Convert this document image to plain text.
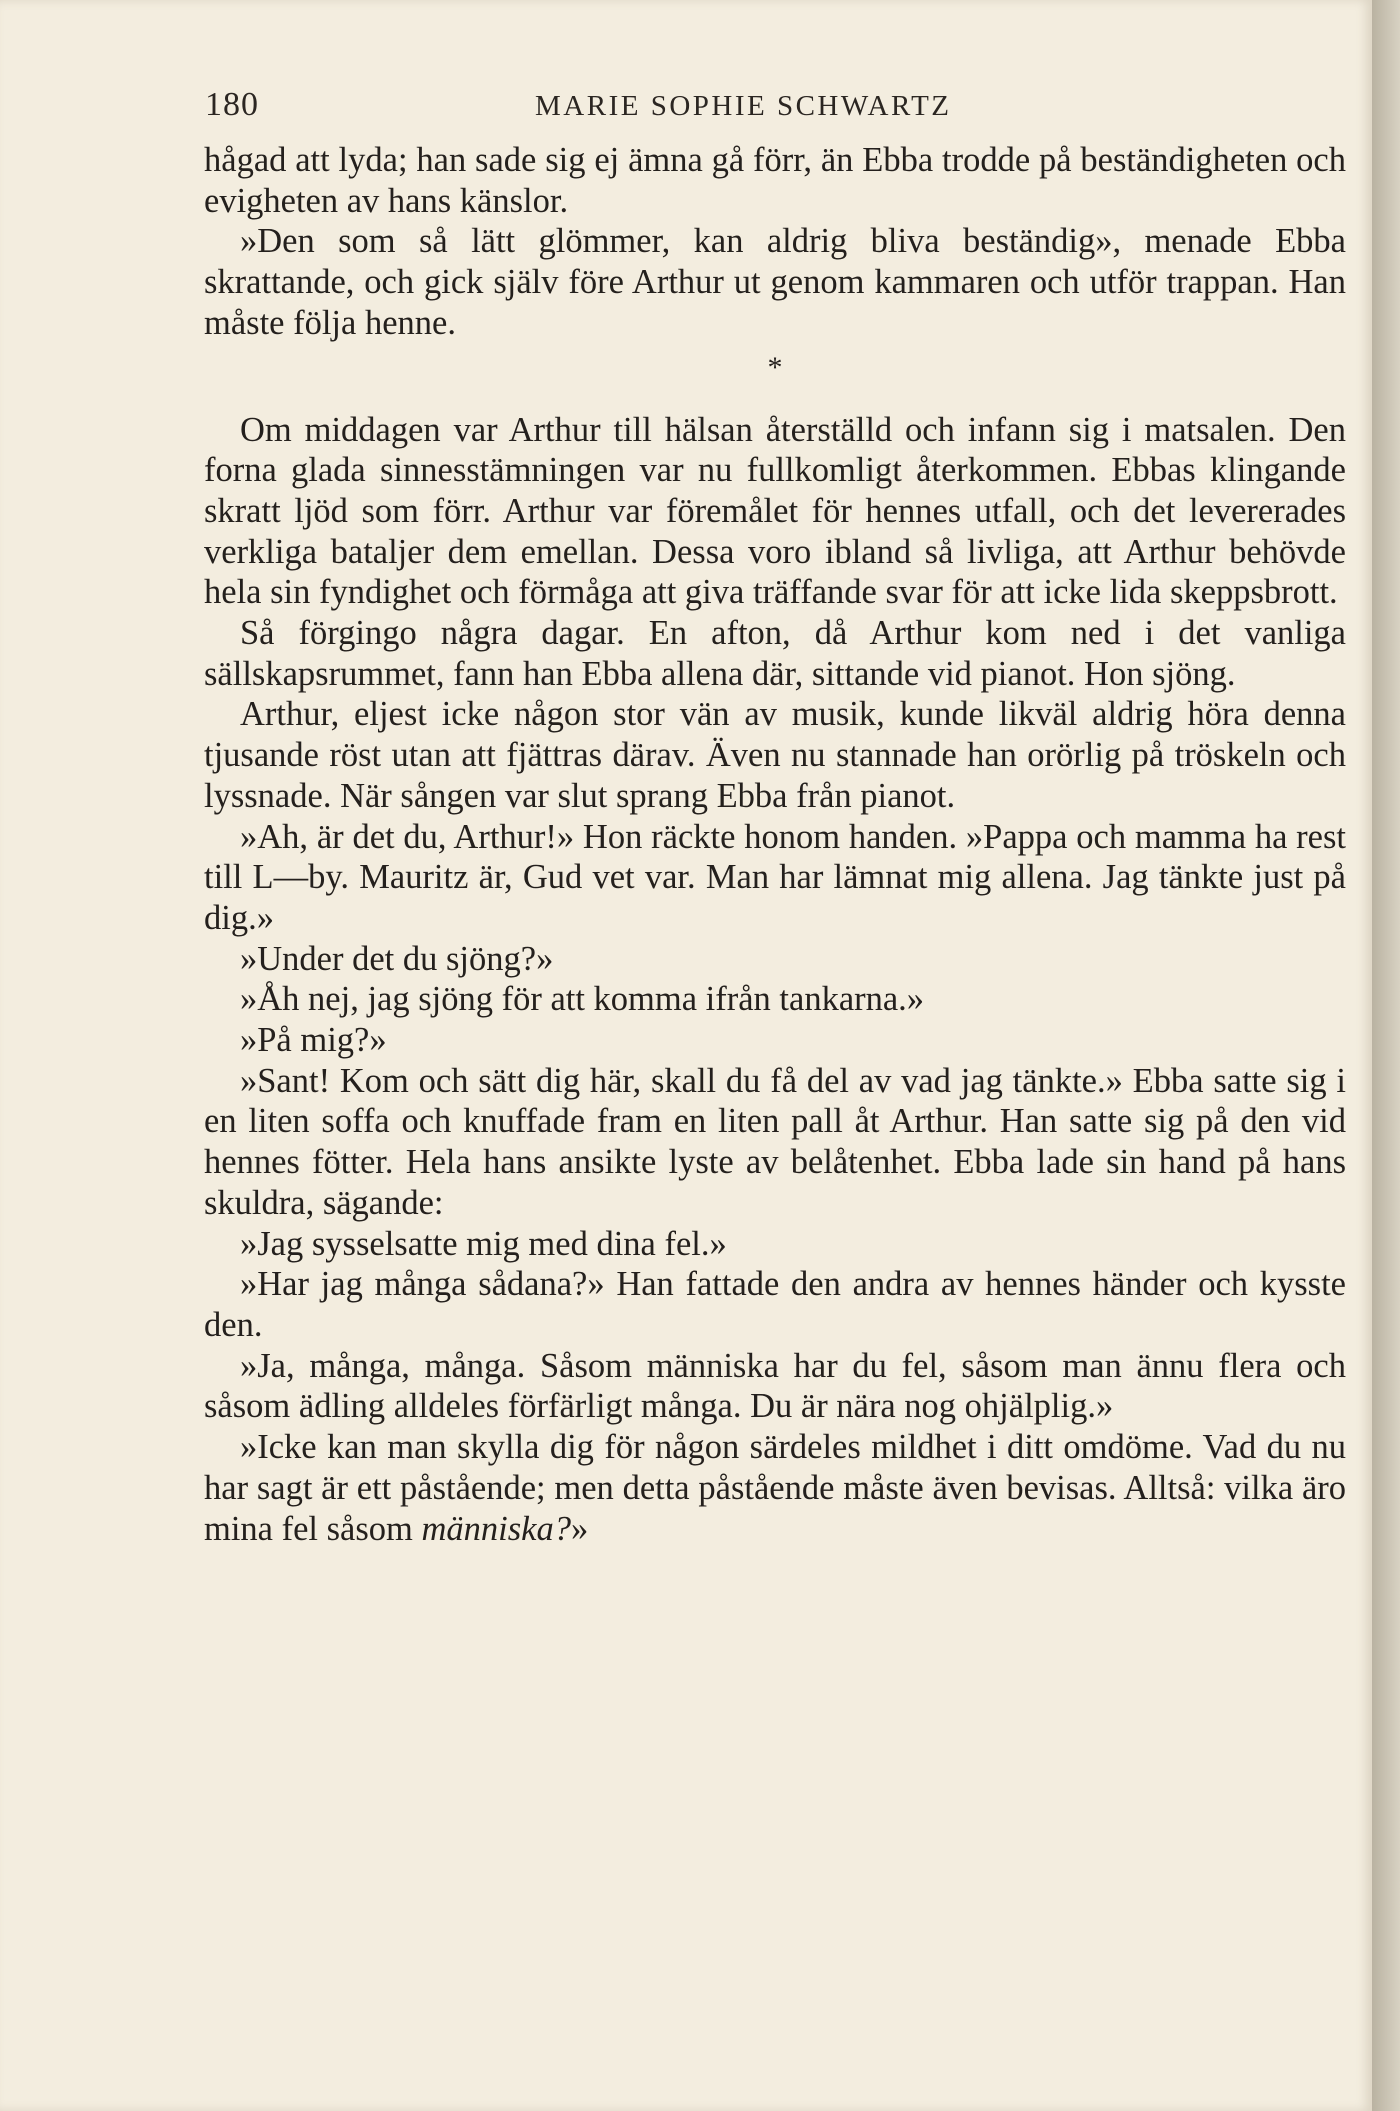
180	MARIE SOPHIE SCHWARTZ

hågad att lyda; han sade sig ej ämna gå förr, än Ebba trodde på beständigheten och evigheten av hans känslor.

»Den som så lätt glömmer, kan aldrig bliva beständig», menade Ebba skrattande, och gick själv före Arthur ut genom kammaren och utför trappan. Han måste följa henne.

*

Om middagen var Arthur till hälsan återställd och infann sig i matsalen. Den forna glada sinnesstämningen var nu fullkomligt återkommen. Ebbas klingande skratt ljöd som förr. Arthur var föremålet för hennes utfall, och det levererades verkliga bataljer dem emellan. Dessa voro ibland så livliga, att Arthur behövde hela sin fyndighet och förmåga att giva träffande svar för att icke lida skeppsbrott.

Så förgingo några dagar. En afton, då Arthur kom ned i det vanliga sällskapsrummet, fann han Ebba allena där, sittande vid pianot. Hon sjöng.

Arthur, eljest icke någon stor vän av musik, kunde likväl aldrig höra denna tjusande röst utan att fjättras därav. Även nu stannade han orörlig på tröskeln och lyssnade. När sången var slut sprang Ebba från pianot.

»Ah, är det du, Arthur!» Hon räckte honom handen. »Pappa och mamma ha rest till L—by. Mauritz är, Gud vet var. Man har lämnat mig allena. Jag tänkte just på dig.»

»Under det du sjöng?»

»Åh nej, jag sjöng för att komma ifrån tankarna.»

»På mig?»

»Sant! Kom och sätt dig här, skall du få del av vad jag tänkte.» Ebba satte sig i en liten soffa och knuffade fram en liten pall åt Arthur. Han satte sig på den vid hennes fötter. Hela hans ansikte lyste av belåtenhet. Ebba lade sin hand på hans skuldra, sägande:

»Jag sysselsatte mig med dina fel.»

»Har jag många sådana?» Han fattade den andra av hennes händer och kysste den.

»Ja, många, många. Såsom människa har du fel, såsom man ännu flera och såsom ädling alldeles förfärligt många. Du är nära nog ohjälplig.»

»Icke kan man skylla dig för någon särdeles mildhet i ditt omdöme. Vad du nu har sagt är ett påstående; men detta påstående måste även bevisas. Alltså: vilka äro mina fel såsom människa?»
